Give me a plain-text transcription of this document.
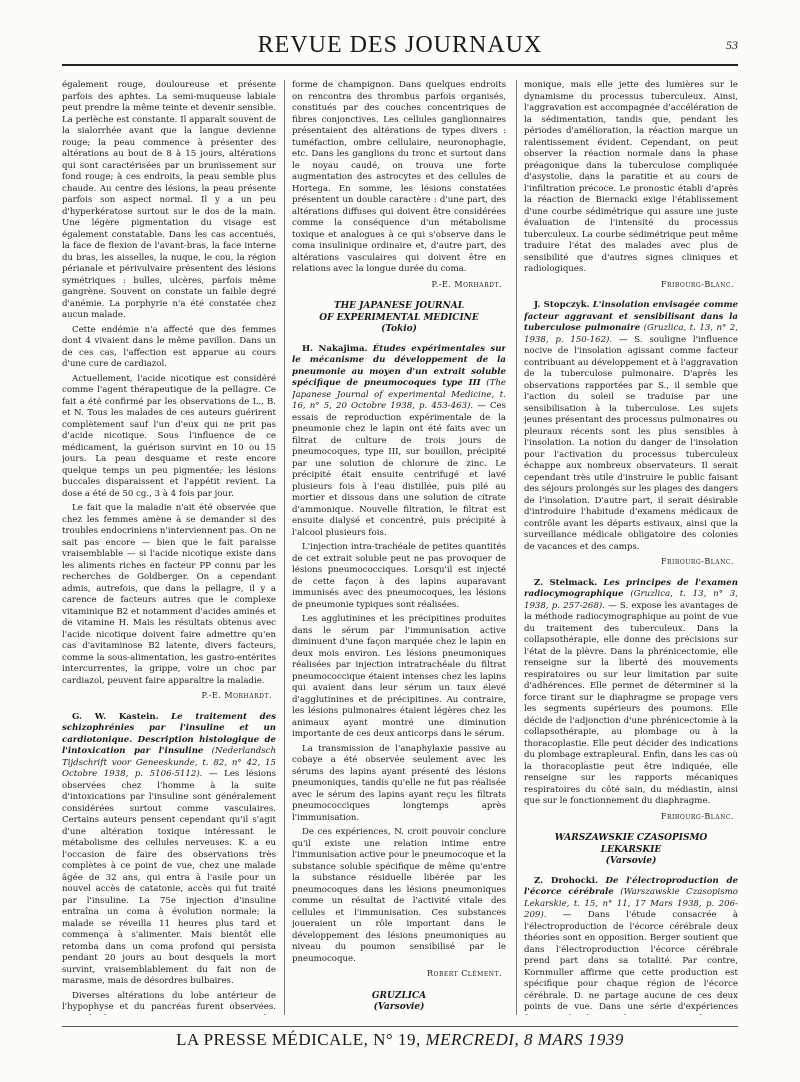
REVUE DES JOURNAUX	53

également rouge, douloureuse et présente parfois des aphtes. La semi-muqueuse labiale peut prendre la même teinte et devenir sensible. La perlèche est constante. Il apparaît souvent de la sialorrhée avant que la langue devienne rouge; la peau commence à présenter des altérations au bout de 8 à 15 jours, altérations qui sont caractérisées par un brunissement sur fond rouge; à ces endroits, la peau semble plus chaude. Au centre des lésions, la peau présente parfois son aspect normal. Il y a un peu d'hyperkératose surtout sur le dos de la main. Une légère pigmentation du visage est également constatable. Dans les cas accentués, la face de flexion de l'avant-bras, la face interne du bras, les aisselles, la nuque, le cou, la région périanale et périvulvaire présentent des lésions symétriques : bulles, ulcères, parfois même gangrène. Souvent on constate un faible degré d'anémie. La porphyrie n'a été constatée chez aucun malade.

Cette endémie n'a affecté que des femmes dont 4 vivaient dans le même pavillon. Dans un de ces cas, l'affection est apparue au cours d'une cure de cardiazol.

Actuellement, l'acide nicotique est considéré comme l'agent thérapeutique de la pellagre. Ce fait a été confirmé par les observations de L., B. et N. Tous les malades de ces auteurs guérirent complètement sauf l'un d'eux qui ne prit pas d'acide nicotique. Sous l'influence de ce médicament, la guérison survint en 10 ou 15 jours. La peau desquame et reste encore quelque temps un peu pigmentée; les lésions buccales disparaissent et l'appétit revient. La dose a été de 50 cg., 3 à 4 fois par jour.

Le fait que la maladie n'ait été observée que chez les femmes amène à se demander si des troubles endocriniens n'interviennent pas. On ne sait pas encore — bien que le fait paraisse vraisemblable — si l'acide nicotique existe dans les aliments riches en facteur PP connu par les recherches de Goldberger. On a cependant admis, autrefois, que dans la pellagre, il y a carence de facteurs autres que le complexe vitaminique B2 et notamment d'acides aminés et de vitamine H. Mais les résultats obtenus avec l'acide nicotique doivent faire admettre qu'en cas d'avitaminose B2 latente, divers facteurs, comme la sous-alimentation, les gastro-entérites intercurrentes, la grippe, voire un choc par cardiazol, peuvent faire apparaître la maladie.

P.-E. Morhardt.

G. W. Kastein. Le traitement des schizophrénies par l'insuline et un cardiotonique. Description histologique de l'intoxication par l'insuline (Nederlandsch Tijdschrift voor Geneeskunde, t. 82, n° 42, 15 Octobre 1938, p. 5106-5112). — Les lésions observées chez l'homme à la suite d'intoxications par l'insuline sont généralement considérées surtout comme vasculaires. Certains auteurs pensent cependant qu'il s'agit d'une altération toxique intéressant le métabolisme des cellules nerveuses. K. a eu l'occasion de faire des observations très complètes à ce point de vue, chez une malade âgée de 32 ans, qui entra à l'asile pour un nouvel accès de catatonie, accès qui fut traité par l'insuline. La 75e injection d'insuline entraîna un coma à évolution normale; la malade se réveilla 11 heures plus tard et commença à s'alimenter. Mais bientôt elle retomba dans un coma profond qui persista pendant 20 jours au bout desquels la mort survint, vraisemblablement du fait non de marasme, mais de désordres bulbaires.

Diverses altérations du lobe antérieur de l'hypophyse et du pancréas furent observées.

forme de champignon. Dans quelques endroits on rencontra des thrombus parfois organisés, constitués par des couches concentriques de fibres conjonctives. Les cellules ganglionnaires présentaient des altérations de types divers : tuméfaction, ombre cellulaire, neuronophagie, etc. Dans les ganglions du tronc et surtout dans le noyau caudé, on trouva une forte augmentation des astrocytes et des cellules de Hortega. En somme, les lésions constatées présentent un double caractère : d'une part, des altérations diffuses qui doivent être considérées comme la conséquence d'un métabolisme toxique et analogues à ce qui s'observe dans le coma insulinique ordinaire et, d'autre part, des altérations vasculaires qui doivent être en relations avec la longue durée du coma.

P.-E. Morhardt.
THE JAPANESE JOURNAL
OF EXPERIMENTAL MEDICINE
(Tokio)

H. Nakajima. Études expérimentales sur le mécanisme du développement de la pneumonie au moyen d'un extrait soluble spécifique de pneumocoques type III (The Japanese Journal of experimental Medicine, t. 16, n° 5, 20 Octobre 1938, p. 453-463). — Ces essais de reproduction expérimentale de la pneumonie chez le lapin ont été faits avec un filtrat de culture de trois jours de pneumocoques, type III, sur bouillon, précipité par une solution de chlorure de zinc. Le précipité était ensuite centrifugé et lavé plusieurs fois à l'eau distillée, puis pilé au mortier et dissous dans une solution de citrate d'ammonique. Nouvelle filtration, le filtrat est ensuite dialysé et concentré, puis précipité à l'alcool plusieurs fois.

L'injection intra-trachéale de petites quantités de cet extrait soluble peut ne pas provoquer de lésions pneumococciques. Lorsqu'il est injecté de cette façon à des lapins auparavant immunisés avec des pneumocoques, les lésions de pneumonie typiques sont réalisées.

Les agglutinines et les précipitines produites dans le sérum par l'immunisation active diminuent d'une façon marquée chez le lapin en deux mois environ. Les lésions pneumoniques réalisées par injection intratrachéale du filtrat pneumococcique étaient intenses chez les lapins qui avaient dans leur sérum un taux élevé d'agglutinines et de précipitines. Au contraire, les lésions pulmonaires étaient légères chez les animaux ayant montré une diminution importante de ces deux anticorps dans le sérum.

La transmission de l'anaphylaxie passive au cobaye a été observée seulement avec les sérums des lapins ayant présenté des lésions pneumoniques, tandis qu'elle ne fut pas réalisée avec le sérum des lapins ayant reçu les filtrats pneumococciques longtemps après l'immunisation.

De ces expériences, N. croit pouvoir conclure qu'il existe une relation intime entre l'immunisation active pour le pneumocoque et la substance soluble spécifique de même qu'entre la substance résiduelle libérée par les pneumocoques dans les lésions pneumoniques comme un résultat de l'activité vitale des cellules et l'immunisation. Ces substances joueraient un rôle important dans le développement des lésions pneumoniques au niveau du poumon sensibilisé par le pneumocoque.

Robert Clément.
GRUZLICA
(Varsovie)

monique, mais elle jette des lumières sur le dynamisme du processus tuberculeux. Ainsi, l'aggravation est accompagnée d'accélération de la sédimentation, tandis que, pendant les périodes d'amélioration, la réaction marque un ralentissement évident. Cependant, on peut observer la réaction normale dans la phase préagonique dans la tuberculose compliquée d'asystolie, dans la paratitie et au cours de l'infiltration précoce. Le pronostic établi d'après la réaction de Biernacki exige l'établissement d'une courbe sédimétrique qui assure une juste évaluation de l'intensité du processus tuberculeux. La courbe sédimétrique peut même traduire l'état des malades avec plus de sensibilité que d'autres signes cliniques et radiologiques.

Fribourg-Blanc.

J. Stopczyk. L'insolation envisagée comme facteur aggravant et sensibilisant dans la tuberculose pulmonaire (Gruzlica, t. 13, n° 2, 1938, p. 150-162). — S. souligne l'influence nocive de l'insolation agissant comme facteur contribuant au développement et à l'aggravation de la tuberculose pulmonaire. D'après les observations rapportées par S., il semble que l'action du soleil se traduise par une sensibilisation à la tuberculose. Les sujets jeunes présentant des processus pulmonaires ou pleuraux récents sont les plus sensibles à l'insolation. La notion du danger de l'insolation pour l'activation du processus tuberculeux échappe aux nombreux observateurs. Il serait cependant très utile d'instruire le public faisant des séjours prolongés sur les plages des dangers de l'insolation. D'autre part, il serait désirable d'introduire l'habitude d'examens médicaux de contrôle avant les départs estivaux, ainsi que la surveillance médicale obligatoire des colonies de vacances et des camps.

Fribourg-Blanc.

Z. Stelmack. Les principes de l'examen radiocymographique (Gruzlica, t. 13, n° 3, 1938, p. 257-268). — S. expose les avantages de la méthode radiocymographique au point de vue du traitement des tuberculeux. Dans la collapsothérapie, elle donne des précisions sur l'état de la plèvre. Dans la phrénicectomie, elle renseigne sur la liberté des mouvements respiratoires ou sur leur limitation par suite d'adhérences. Elle permet de déterminer si la force tirant sur le diaphragme se propage vers les segments supérieurs des poumons. Elle décide de l'adjonction d'une phrénicectomie à la collapsothérapie, au plombage ou à la thoracoplastie. Elle peut décider des indications du plombage extrapleural. Enfin, dans les cas où la thoracoplastie peut être indiquée, elle renseigne sur les rapports mécaniques respiratoires du côté sain, du médiastin, ainsi que sur le fonctionnement du diaphragme.

Fribourg-Blanc.
WARSZAWSKIE CZASOPISMO LEKARSKIE
(Varsovie)

Z. Drohocki. De l'électroproduction de l'écorce cérébrale (Warszawskie Czasopismo Lekarskie, t. 15, n° 11, 17 Mars 1938, p. 206-209). — Dans l'étude consacrée à l'électroproduction de l'écorce cérébrale deux théories sont en opposition. Berger soutient que dans l'électroproduction l'écorce cérébrale prend part dans sa totalité. Par contre, Kornmuller affirme que cette production est spécifique pour chaque région de l'écorce cérébrale. D. ne partage aucune de ces deux points de vue. Dans une série d'expériences

LA PRESSE MÉDICALE, N° 19, MERCREDI, 8 MARS 1939
